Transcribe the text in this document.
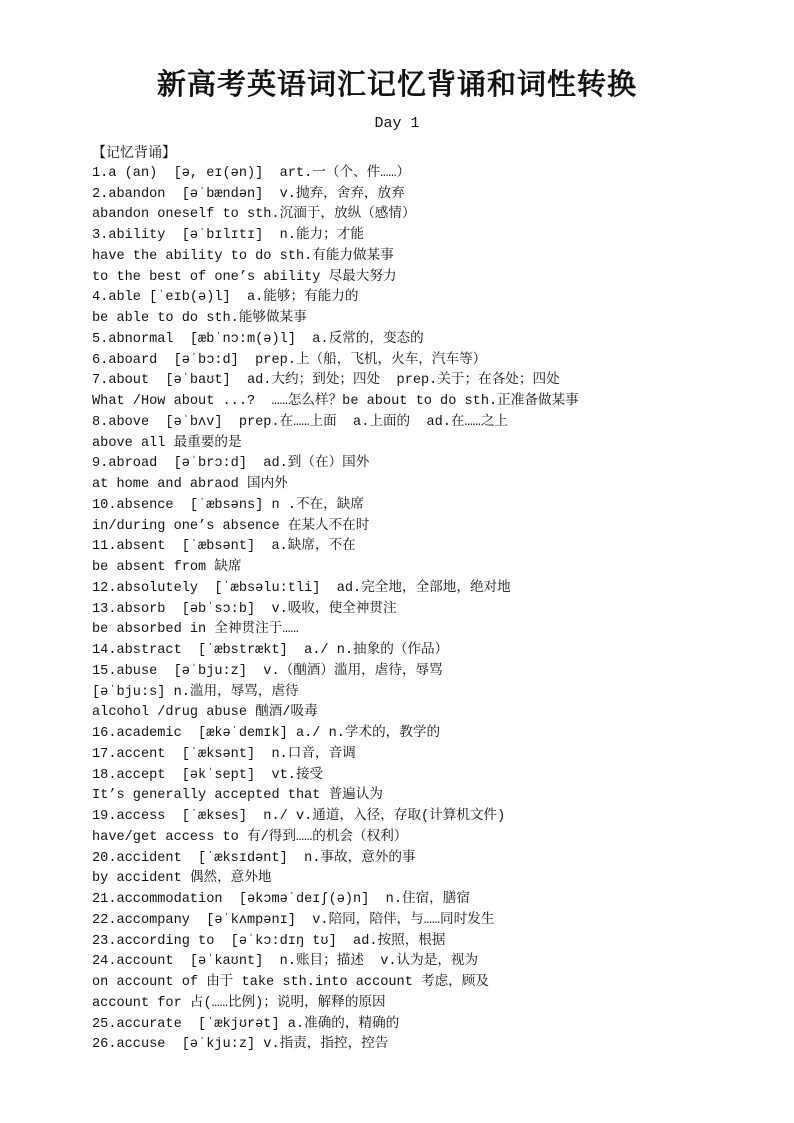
新高考英语词汇记忆背诵和词性转换
Day 1
【记忆背诵】
1.a (an)  [ə, eɪ(ən)]  art.一（个、件……）
2.abandon  [əˈbændən]  v.抛弃，舍弃，放弃
abandon oneself to sth.沉湎于，放纵（感情）
3.ability  [əˈbɪlɪtɪ]  n.能力；才能
have the ability to do sth.有能力做某事
to the best of one’s ability 尽最大努力
4.able [ˈeɪb(ə)l]  a.能够；有能力的
be able to do sth.能够做某事
5.abnormal  [æbˈnɔ:m(ə)l]  a.反常的，变态的
6.aboard  [əˈbɔ:d]  prep.上（船，飞机，火车，汽车等）
7.about  [əˈbaʊt]  ad.大约；到处；四处  prep.关于；在各处；四处
What /How about ...?  ……怎么样？be about to do sth.正准备做某事
8.above  [əˈbʌv]  prep.在……上面  a.上面的  ad.在……之上
above all 最重要的是
9.abroad  [əˈbrɔ:d]  ad.到（在）国外
at home and abraod 国内外
10.absence  [ˈæbsəns] n .不在，缺席
in/during one’s absence 在某人不在时
11.absent  [ˈæbsənt]  a.缺席，不在
be absent from 缺席
12.absolutely  [ˈæbsəlu:tli]  ad.完全地，全部地，绝对地
13.absorb  [əbˈsɔ:b]  v.吸收，使全神贯注
be absorbed in 全神贯注于……
14.abstract  [ˈæbstrækt]  a./ n.抽象的（作品）
15.abuse  [əˈbju:z]  v.（酗酒）滥用，虐待，辱骂
[əˈbju:s] n.滥用，辱骂，虐待
alcohol /drug abuse 酗酒/吸毒
16.academic  [ækəˈdemɪk] a./ n.学术的，教学的
17.accent  [ˈæksənt]  n.口音，音调
18.accept  [əkˈsept]  vt.接受
It’s generally accepted that 普遍认为
19.access  [ˈækses]  n./ v.通道，入径，存取(计算机文件)
have/get access to 有/得到……的机会（权利）
20.accident  [ˈæksɪdənt]  n.事故，意外的事
by accident 偶然，意外地
21.accommodation  [əkɔməˈdeɪʃ(ə)n]  n.住宿，膳宿
22.accompany  [əˈkʌmpənɪ]  v.陪同，陪伴，与……同时发生
23.according to  [əˈkɔ:dɪŋ tʊ]  ad.按照，根据
24.account  [əˈkaʊnt]  n.账目；描述  v.认为是，视为
on account of 由于 take sth.into account 考虑，顾及
account for 占(……比例)；说明，解释的原因
25.accurate  [ˈækjʊrət] a.准确的，精确的
26.accuse  [əˈkju:z] v.指责，指控，控告
